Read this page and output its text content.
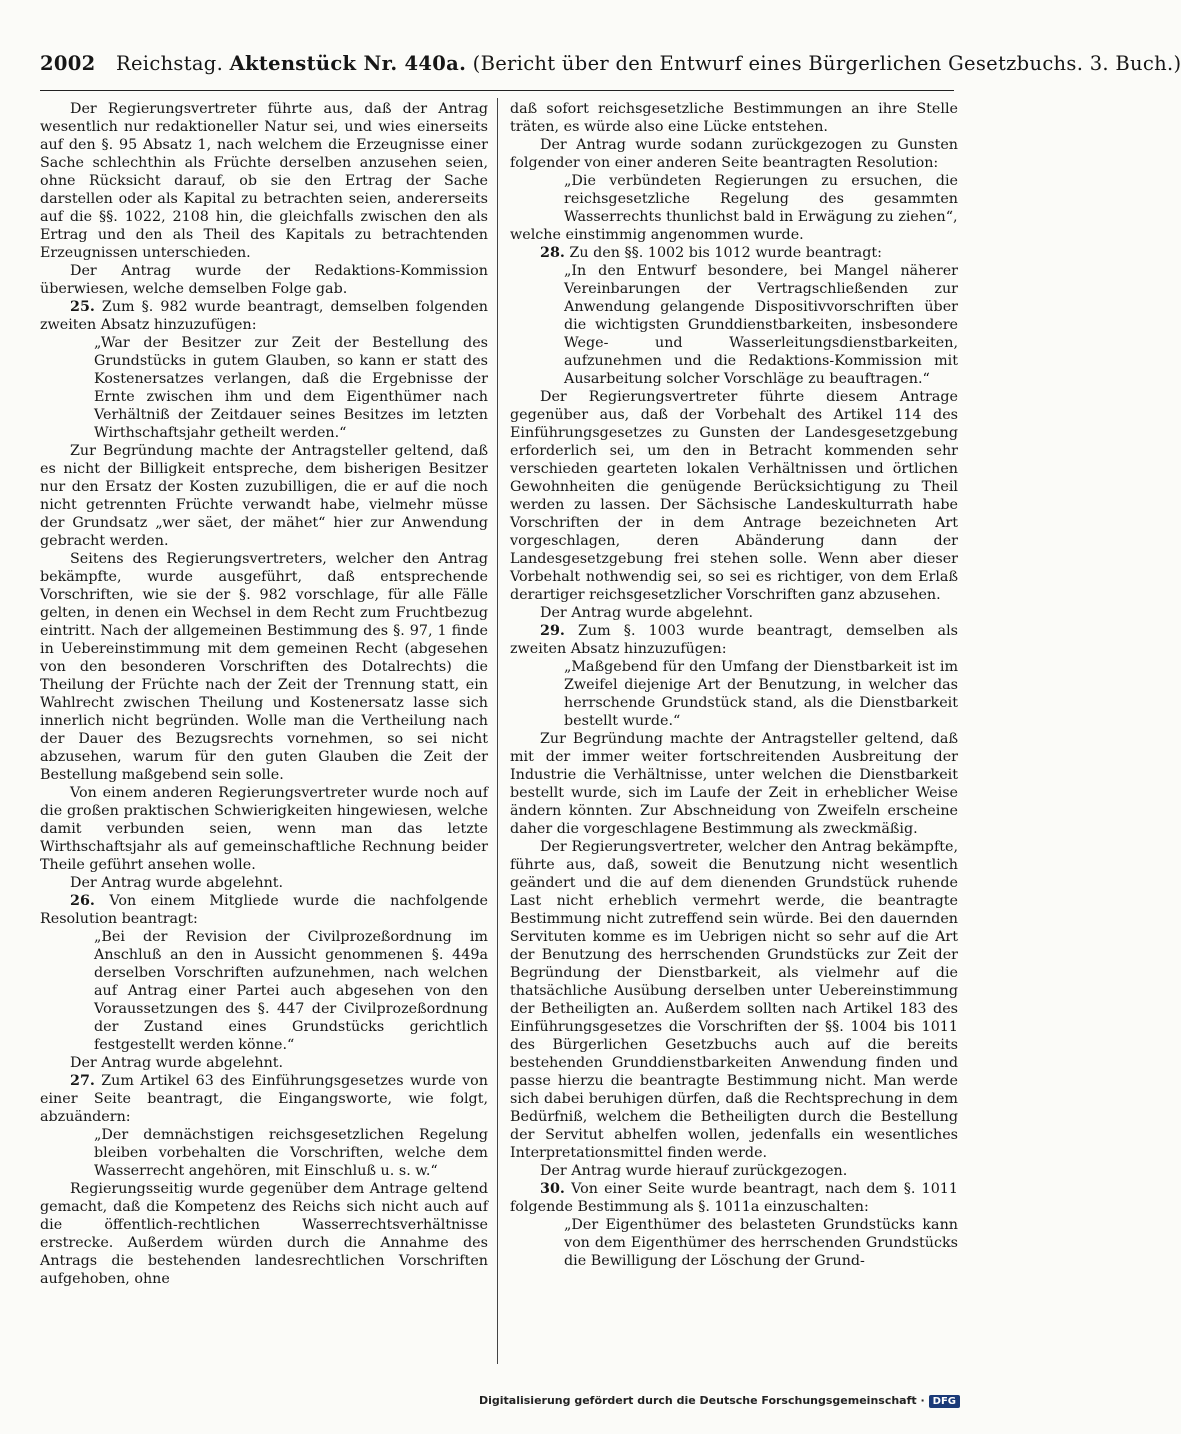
2002 Reichstag. Aktenstück Nr. 440a. (Bericht über den Entwurf eines Bürgerlichen Gesetzbuchs. 3. Buch.)

Der Regierungsvertreter führte aus, daß der Antrag wesentlich nur redaktioneller Natur sei, und wies einerseits auf den §. 95 Absatz 1, nach welchem die Erzeugnisse einer Sache schlechthin als Früchte derselben anzusehen seien, ohne Rücksicht darauf, ob sie den Ertrag der Sache darstellen oder als Kapital zu betrachten seien, andererseits auf die §§. 1022, 2108 hin, die gleichfalls zwischen den als Ertrag und den als Theil des Kapitals zu betrachtenden Erzeugnissen unterschieden.

Der Antrag wurde der Redaktions-Kommission überwiesen, welche demselben Folge gab.

25. Zum §. 982 wurde beantragt, demselben folgenden zweiten Absatz hinzuzufügen:

„War der Besitzer zur Zeit der Bestellung des Grundstücks in gutem Glauben, so kann er statt des Kostenersatzes verlangen, daß die Ergebnisse der Ernte zwischen ihm und dem Eigenthümer nach Verhältniß der Zeitdauer seines Besitzes im letzten Wirthschaftsjahr getheilt werden.“

Zur Begründung machte der Antragsteller geltend, daß es nicht der Billigkeit entspreche, dem bisherigen Besitzer nur den Ersatz der Kosten zuzubilligen, die er auf die noch nicht getrennten Früchte verwandt habe, vielmehr müsse der Grundsatz „wer säet, der mähet“ hier zur Anwendung gebracht werden.

Seitens des Regierungsvertreters, welcher den Antrag bekämpfte, wurde ausgeführt, daß entsprechende Vorschriften, wie sie der §. 982 vorschlage, für alle Fälle gelten, in denen ein Wechsel in dem Recht zum Fruchtbezug eintritt. Nach der allgemeinen Bestimmung des §. 97, 1 finde in Uebereinstimmung mit dem gemeinen Recht (abgesehen von den besonderen Vorschriften des Dotalrechts) die Theilung der Früchte nach der Zeit der Trennung statt, ein Wahlrecht zwischen Theilung und Kostenersatz lasse sich innerlich nicht begründen. Wolle man die Vertheilung nach der Dauer des Bezugsrechts vornehmen, so sei nicht abzusehen, warum für den guten Glauben die Zeit der Bestellung maßgebend sein solle.

Von einem anderen Regierungsvertreter wurde noch auf die großen praktischen Schwierigkeiten hingewiesen, welche damit verbunden seien, wenn man das letzte Wirthschaftsjahr als auf gemeinschaftliche Rechnung beider Theile geführt ansehen wolle.

Der Antrag wurde abgelehnt.

26. Von einem Mitgliede wurde die nachfolgende Resolution beantragt:

„Bei der Revision der Civilprozeßordnung im Anschluß an den in Aussicht genommenen §. 449a derselben Vorschriften aufzunehmen, nach welchen auf Antrag einer Partei auch abgesehen von den Voraussetzungen des §. 447 der Civilprozeßordnung der Zustand eines Grundstücks gerichtlich festgestellt werden könne.“

Der Antrag wurde abgelehnt.

27. Zum Artikel 63 des Einführungsgesetzes wurde von einer Seite beantragt, die Eingangsworte, wie folgt, abzuändern:

„Der demnächstigen reichsgesetzlichen Regelung bleiben vorbehalten die Vorschriften, welche dem Wasserrecht angehören, mit Einschluß u. s. w.“

Regierungsseitig wurde gegenüber dem Antrage geltend gemacht, daß die Kompetenz des Reichs sich nicht auch auf die öffentlich-rechtlichen Wasserrechtsverhältnisse erstrecke. Außerdem würden durch die Annahme des Antrags die bestehenden landesrechtlichen Vorschriften aufgehoben, ohne

daß sofort reichsgesetzliche Bestimmungen an ihre Stelle träten, es würde also eine Lücke entstehen.

Der Antrag wurde sodann zurückgezogen zu Gunsten folgender von einer anderen Seite beantragten Resolution:

„Die verbündeten Regierungen zu ersuchen, die reichsgesetzliche Regelung des gesammten Wasserrechts thunlichst bald in Erwägung zu ziehen“,

welche einstimmig angenommen wurde.

28. Zu den §§. 1002 bis 1012 wurde beantragt:

„In den Entwurf besondere, bei Mangel näherer Vereinbarungen der Vertragschließenden zur Anwendung gelangende Dispositivvorschriften über die wichtigsten Grunddienstbarkeiten, insbesondere Wege- und Wasserleitungsdienstbarkeiten, aufzunehmen und die Redaktions-Kommission mit Ausarbeitung solcher Vorschläge zu beauftragen.“

Der Regierungsvertreter führte diesem Antrage gegenüber aus, daß der Vorbehalt des Artikel 114 des Einführungsgesetzes zu Gunsten der Landesgesetzgebung erforderlich sei, um den in Betracht kommenden sehr verschieden gearteten lokalen Verhältnissen und örtlichen Gewohnheiten die genügende Berücksichtigung zu Theil werden zu lassen. Der Sächsische Landeskulturrath habe Vorschriften der in dem Antrage bezeichneten Art vorgeschlagen, deren Abänderung dann der Landesgesetzgebung frei stehen solle. Wenn aber dieser Vorbehalt nothwendig sei, so sei es richtiger, von dem Erlaß derartiger reichsgesetzlicher Vorschriften ganz abzusehen.

Der Antrag wurde abgelehnt.

29. Zum §. 1003 wurde beantragt, demselben als zweiten Absatz hinzuzufügen:

„Maßgebend für den Umfang der Dienstbarkeit ist im Zweifel diejenige Art der Benutzung, in welcher das herrschende Grundstück stand, als die Dienstbarkeit bestellt wurde.“

Zur Begründung machte der Antragsteller geltend, daß mit der immer weiter fortschreitenden Ausbreitung der Industrie die Verhältnisse, unter welchen die Dienstbarkeit bestellt wurde, sich im Laufe der Zeit in erheblicher Weise ändern könnten. Zur Abschneidung von Zweifeln erscheine daher die vorgeschlagene Bestimmung als zweckmäßig.

Der Regierungsvertreter, welcher den Antrag bekämpfte, führte aus, daß, soweit die Benutzung nicht wesentlich geändert und die auf dem dienenden Grundstück ruhende Last nicht erheblich vermehrt werde, die beantragte Bestimmung nicht zutreffend sein würde. Bei den dauernden Servituten komme es im Uebrigen nicht so sehr auf die Art der Benutzung des herrschenden Grundstücks zur Zeit der Begründung der Dienstbarkeit, als vielmehr auf die thatsächliche Ausübung derselben unter Uebereinstimmung der Betheiligten an. Außerdem sollten nach Artikel 183 des Einführungsgesetzes die Vorschriften der §§. 1004 bis 1011 des Bürgerlichen Gesetzbuchs auch auf die bereits bestehenden Grunddienstbarkeiten Anwendung finden und passe hierzu die beantragte Bestimmung nicht. Man werde sich dabei beruhigen dürfen, daß die Rechtsprechung in dem Bedürfniß, welchem die Betheiligten durch die Bestellung der Servitut abhelfen wollen, jedenfalls ein wesentliches Interpretationsmittel finden werde.

Der Antrag wurde hierauf zurückgezogen.

30. Von einer Seite wurde beantragt, nach dem §. 1011 folgende Bestimmung als §. 1011a einzuschalten:

„Der Eigenthümer des belasteten Grundstücks kann von dem Eigenthümer des herrschenden Grundstücks die Bewilligung der Löschung der Grund-

Digitalisierung gefördert durch die Deutsche Forschungsgemeinschaft · DFG
